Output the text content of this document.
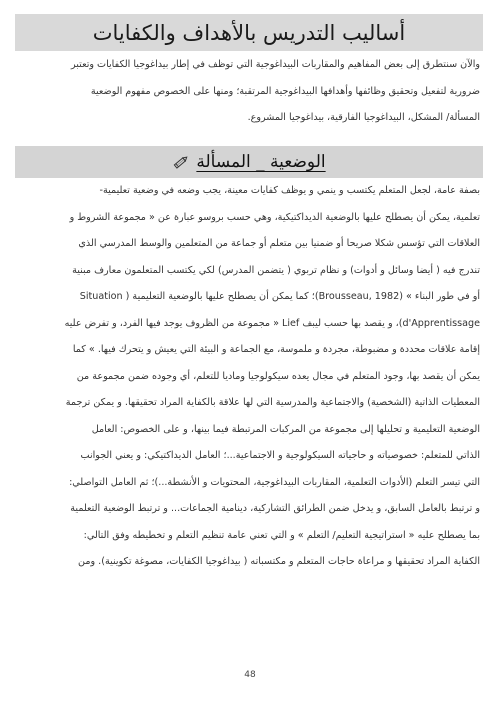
أساليب التدريس بالأهداف والكفايات
والآن سنتطرق إلى بعض المفاهيم والمقاربات البيداغوجية التي توظف في إطار بيداغوجيا الكفايات وتعتبر
ضرورية لتفعيل وتحقيق وظائفها وأهدافها البيداغوجية المرتقبة؛ ومنها على الخصوص مفهوم الوضعية
المسألة/ المشكل، البيداغوجيا الفارقية، بيداغوجيا المشروع.
الوضعية _ المسألة
بصفة عامة، لجعل المتعلم يكتسب و ينمي و يوظف كفايات معينة، يجب وضعه في وضعية تعليمية-
تعلمية، يمكن أن يصطلح عليها بالوضعية الديداكتيكية، وهي حسب بروسو عبارة عن « مجموعة الشروط و
العلاقات التي تؤسس شكلا صريحا أو ضمنيا بين متعلم أو جماعة من المتعلمين والوسط المدرسي الذي
تندرج فيه ( أيضا وسائل و أدوات) و نظام تربوي ( يتضمن المدرس) لكي يكتسب المتعلمون معارف مبنية
أو في طور البناء » (Brousseau, 1982)؛ كما يمكن أن يصطلح عليها بالوضعية التعليمية ( Situation
d'Apprentissage)، و يقصد بها حسب ليبف Lief « مجموعة من الظروف يوجد فيها الفرد، و تفرض عليه
إقامة علاقات محددة و مضبوطة، مجردة و ملموسة، مع الجماعة و البيئة التي يعيش و يتحرك فيها. » كما
يمكن أن يقصد بها، وجود المتعلم في مجال يعده سيكولوجيا وماديا للتعلم، أي وجوده ضمن مجموعة من
المعطيات الذاتية (الشخصية) والاجتماعية والمدرسية التي لها علاقة بالكفاية المراد تحقيقها. و يمكن ترجمة
الوضعية التعليمية و تحليلها إلى مجموعة من المركبات المرتبطة فيما بينها، و على الخصوص: العامل
الذاتي للمتعلم: خصوصياته و حاجياته السيكولوجية و الاجتماعية...؛ العامل الديداكتيكي: و يعني الجوانب
التي تيسر التعلم (الأدوات التعلمية، المقاربات البيداغوجية، المحتويات و الأنشطة...)؛ ثم العامل التواصلي:
و ترتبط بالعامل السابق، و يدخل ضمن الطرائق التشاركية، دينامية الجماعات... و ترتبط الوضعية التعلمية
بما يصطلح عليه « استراتيجية التعليم/ التعلم » و التي تعني عامة تنظيم التعلم و تخطيطه وفق التالي:
الكفاية المراد تحقيقها و مراعاة حاجات المتعلم و مكتسباته ( بيداغوجيا الكفايات، مصوغة تكوينية). ومن
48
